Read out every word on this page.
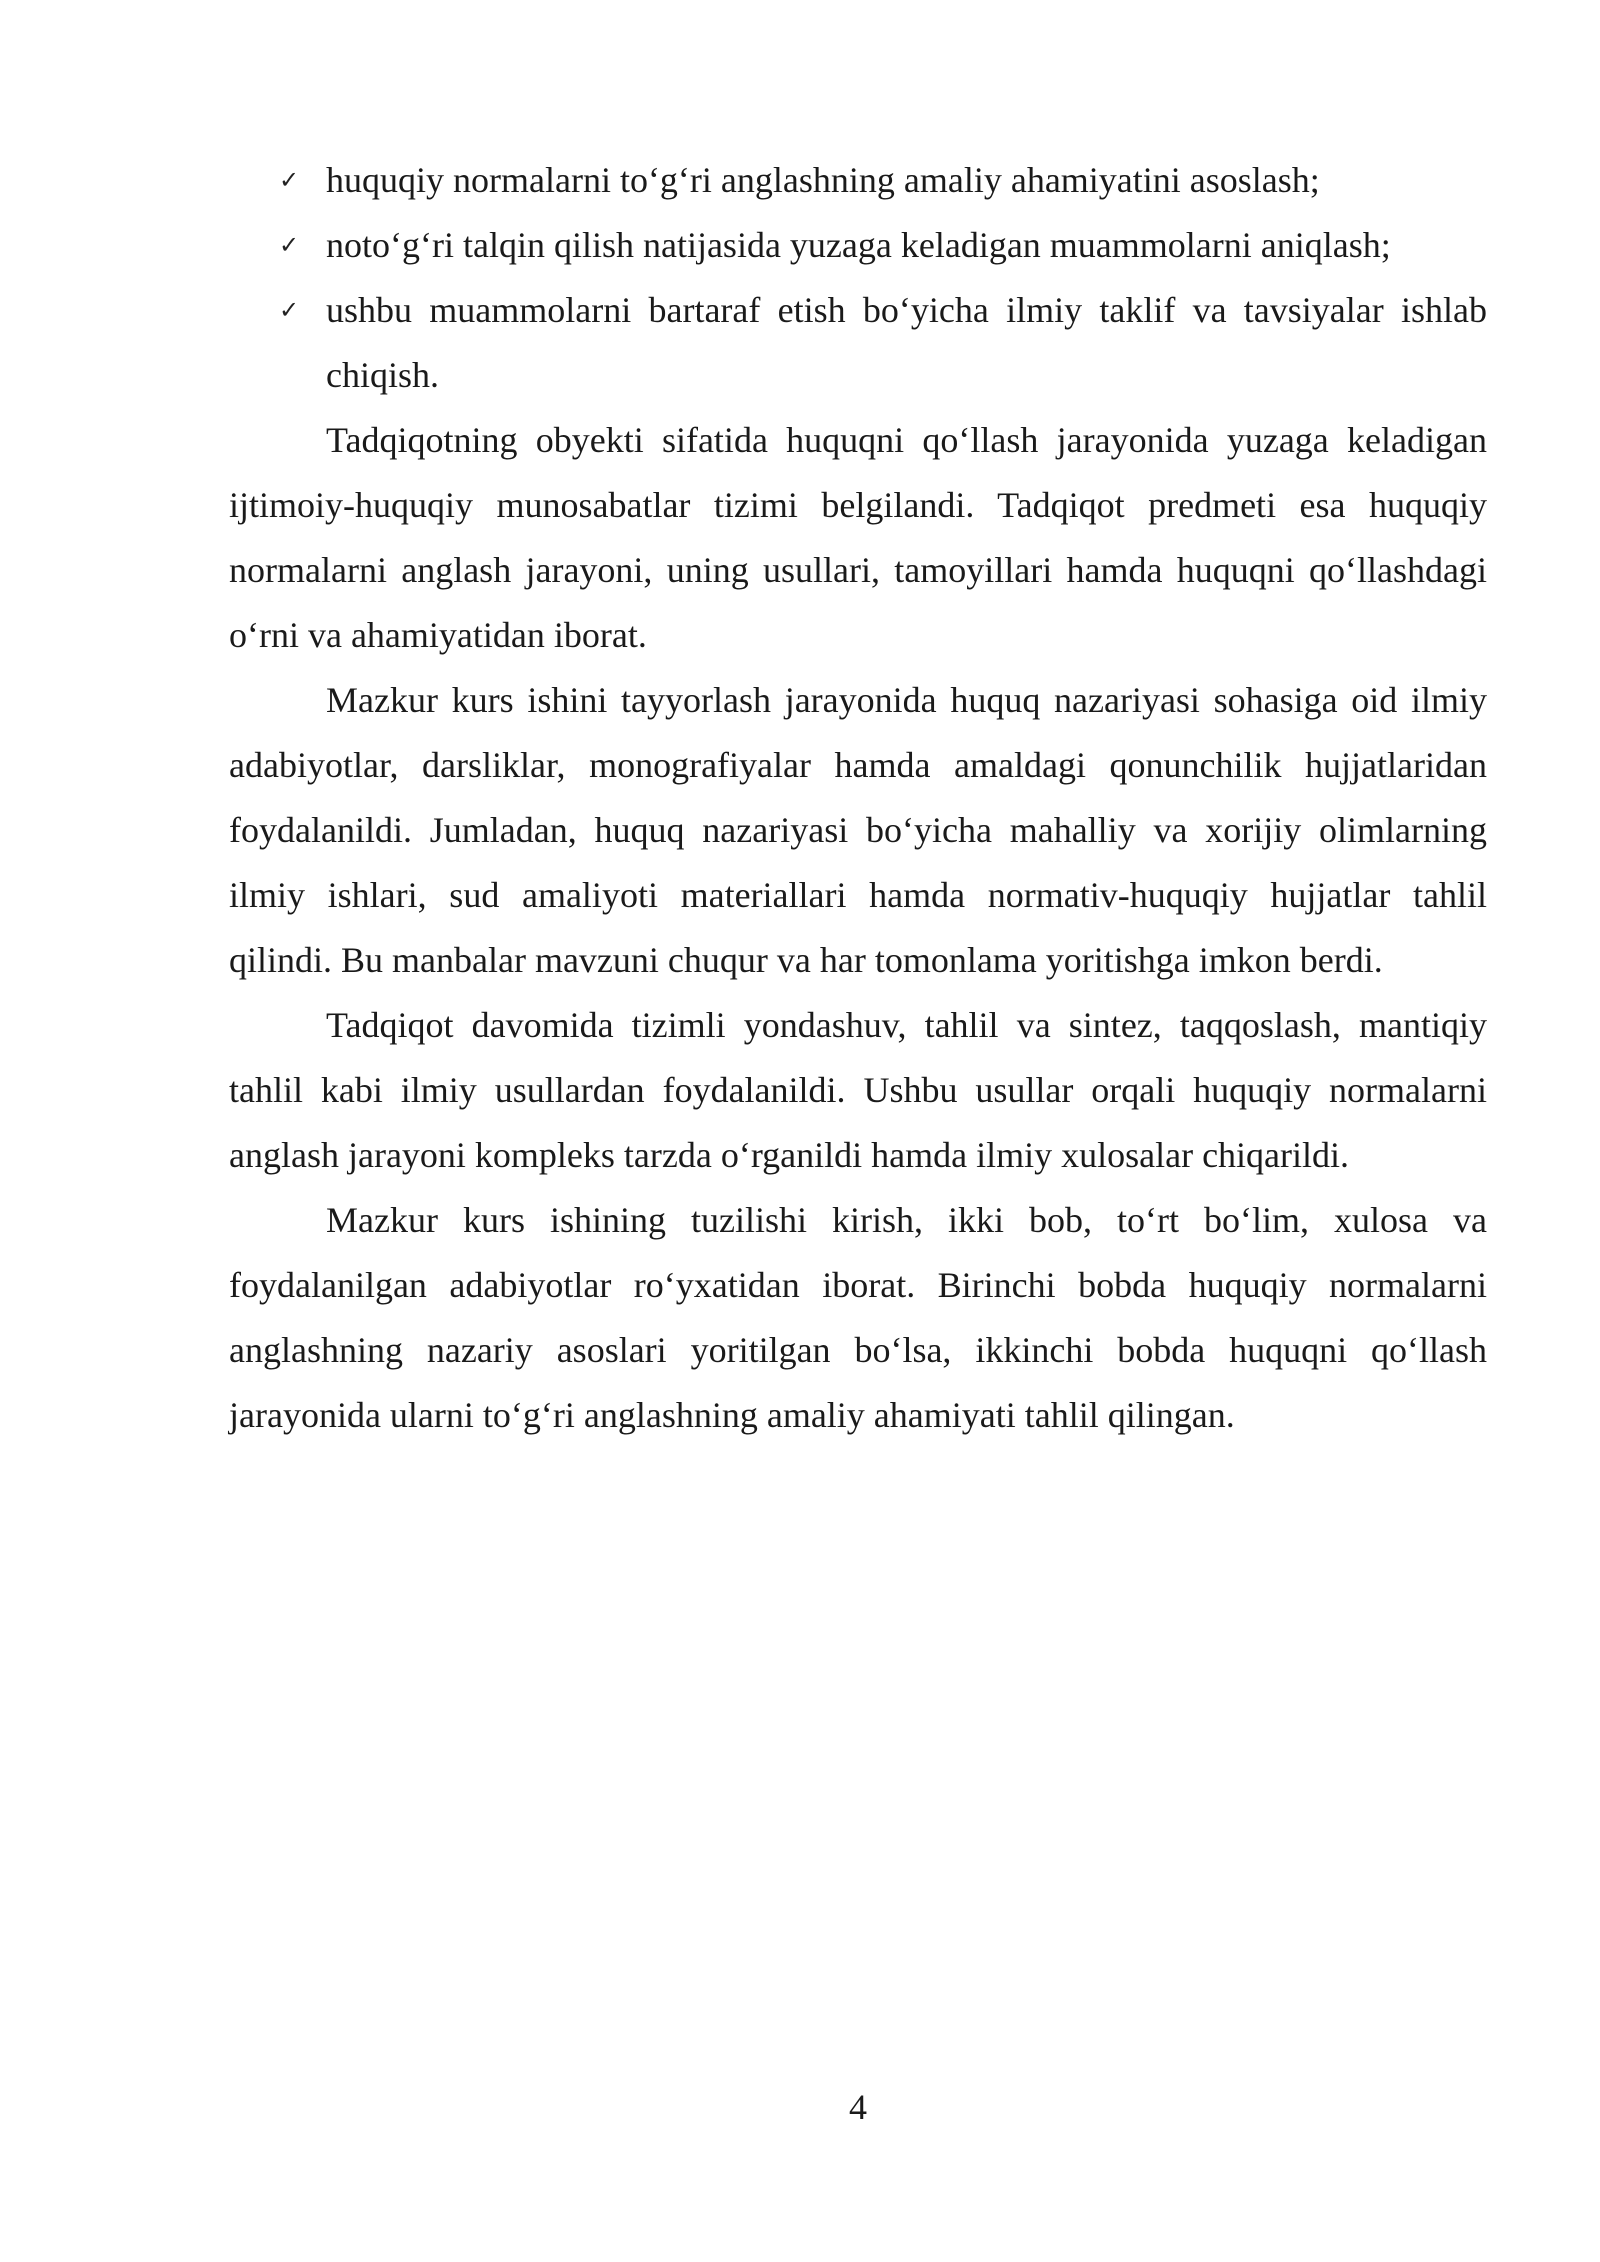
✓ huquqiy normalarni to‘g‘ri anglashning amaliy ahamiyatini asoslash;
✓ noto‘g‘ri talqin qilish natijasida yuzaga keladigan muammolarni aniqlash;
✓ ushbu muammolarni bartaraf etish bo‘yicha ilmiy taklif va tavsiyalar ishlab chiqish.

Tadqiqotning obyekti sifatida huquqni qo‘llash jarayonida yuzaga keladigan ijtimoiy-huquqiy munosabatlar tizimi belgilandi. Tadqiqot predmeti esa huquqiy normalarni anglash jarayoni, uning usullari, tamoyillari hamda huquqni qo‘llashdagi o‘rni va ahamiyatidan iborat.

Mazkur kurs ishini tayyorlash jarayonida huquq nazariyasi sohasiga oid ilmiy adabiyotlar, darsliklar, monografiyalar hamda amaldagi qonunchilik hujjatlaridan foydalanildi. Jumladan, huquq nazariyasi bo‘yicha mahalliy va xorijiy olimlarning ilmiy ishlari, sud amaliyoti materiallari hamda normativ-huquqiy hujjatlar tahlil qilindi. Bu manbalar mavzuni chuqur va har tomonlama yoritishga imkon berdi.

Tadqiqot davomida tizimli yondashuv, tahlil va sintez, taqqoslash, mantiqiy tahlil kabi ilmiy usullardan foydalanildi. Ushbu usullar orqali huquqiy normalarni anglash jarayoni kompleks tarzda o‘rganildi hamda ilmiy xulosalar chiqarildi.

Mazkur kurs ishining tuzilishi kirish, ikki bob, to‘rt bo‘lim, xulosa va foydalanilgan adabiyotlar ro‘yxatidan iborat. Birinchi bobda huquqiy normalarni anglashning nazariy asoslari yoritilgan bo‘lsa, ikkinchi bobda huquqni qo‘llash jarayonida ularni to‘g‘ri anglashning amaliy ahamiyati tahlil qilingan.

4
